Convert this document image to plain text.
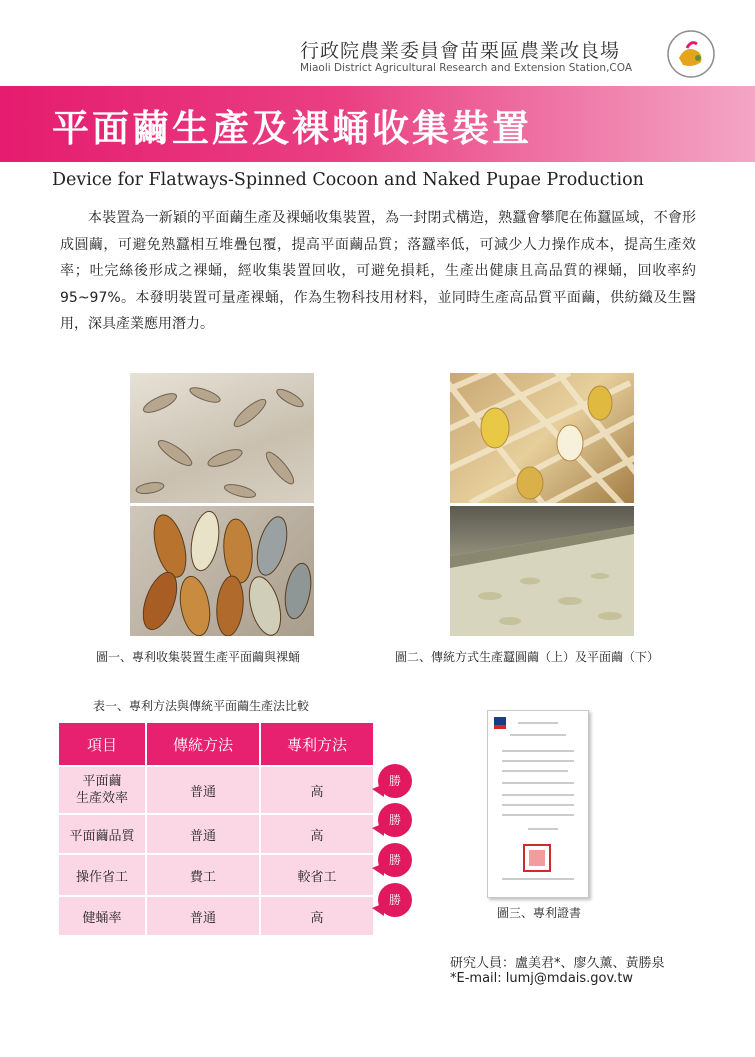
行政院農業委員會苗栗區農業改良場
Miaoli District Agricultural Research and Extension Station,COA
平面繭生產及裸蛹收集裝置
Device for Flatways-Spinned Cocoon and Naked Pupae Production
本裝置為一新穎的平面繭生產及裸蛹收集裝置，為一封閉式構造，熟蠶會攀爬在佈蠶區域，不會形成圓繭，可避免熟蠶相互堆疊包覆，提高平面繭品質；落蠶率低，可減少人力操作成本，提高生產效率；吐完絲後形成之裸蛹，經收集裝置回收，可避免損耗，生產出健康且高品質的裸蛹，回收率約 95~97%。本發明裝置可量產裸蛹，作為生物科技用材料，並同時生產高品質平面繭，供紡織及生醫用，深具產業應用潛力。
圖一、專利收集裝置生產平面繭與裸蛹	圖二、傳統方式生產蠶圓繭（上）及平面繭（下）
表一、專利方法與傳統平面繭生產法比較
項目	傳統方法	專利方法
平面繭
生產效率	普通	高
平面繭品質	普通	高
操作省工	費工	較省工
健蛹率	普通	高
勝
勝
勝
勝
圖三、專利證書
研究人員：盧美君*、廖久薰、黃勝泉
*E-mail: lumj@mdais.gov.tw
